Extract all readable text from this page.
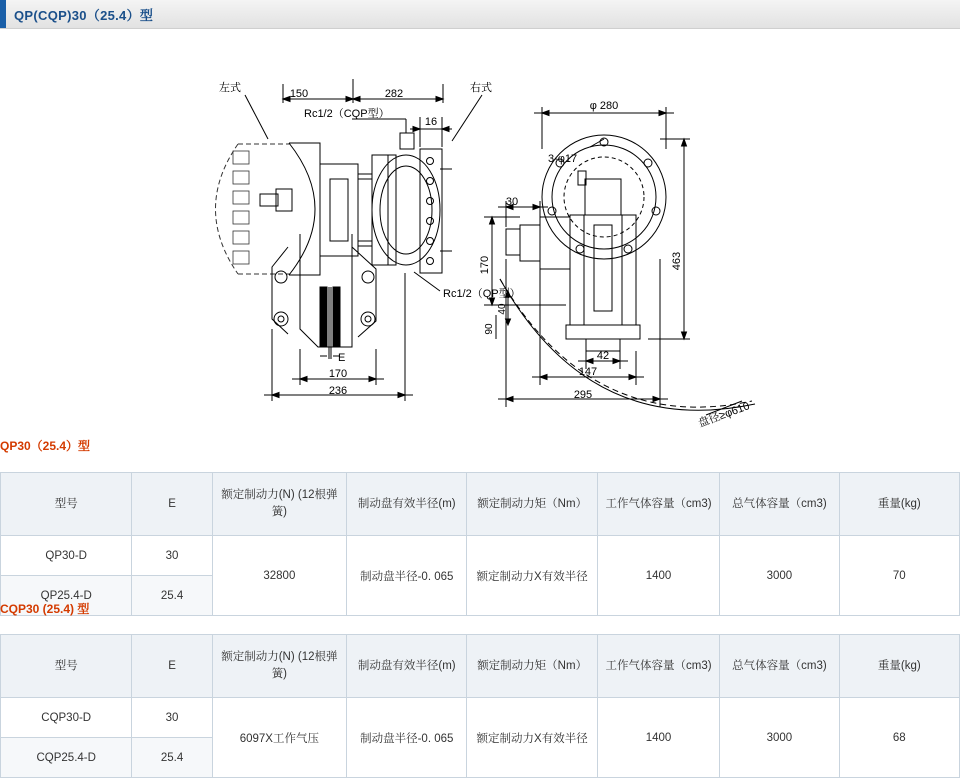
QP(CQP)30（25.4）型
左式	右式
150	282
16
Rc1/2（CQP型）
Rc1/2（QP型）
E
170
236
φ 280
3-φ17
30
170
40
90
463
42
147
295
盘径≥φ610
QP30（25.4）型
型号	E	额定制动力(N) (12根弹簧)	制动盘有效半径(m)	额定制动力矩（Nm）	工作气体容量（cm3)	总气体容量（cm3)	重量(kg)
QP30-D	30	32800	制动盘半径-0. 065	额定制动力X有效半径	1400	3000	70
QP25.4-D	25.4						
CQP30 (25.4) 型
型号	E	额定制动力(N) (12根弹簧)	制动盘有效半径(m)	额定制动力矩（Nm）	工作气体容量（cm3)	总气体容量（cm3)	重量(kg)
CQP30-D	30	6097X工作气压	制动盘半径-0. 065	额定制动力X有效半径	1400	3000	68
CQP25.4-D	25.4						
